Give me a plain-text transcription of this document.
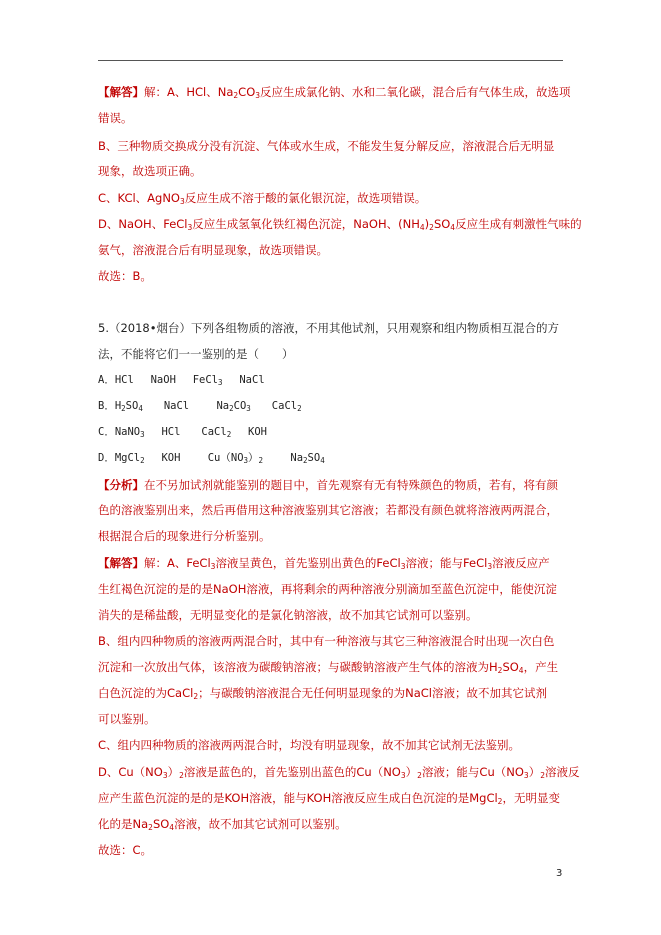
【解答】解：A、HCl、$Na_2CO_3$反应生成氯化钠、水和二氧化碳，混合后有气体生成，故选项
错误。
B、三种物质交换成分没有沉淀、气体或水生成，不能发生复分解反应，溶液混合后无明显
现象，故选项正确。
C、KCl、AgNO$_3$反应生成不溶于酸的氯化银沉淀，故选项错误。
D、NaOH、FeCl$_3$反应生成氢氧化铁红褐色沉淀，NaOH、$(NH_4)_2SO_4$反应生成有刺激性气味的
氨气，溶液混合后有明显现象，故选项错误。
故选：B。
5.（2018•烟台）下列各组物质的溶液，不用其他试剂，只用观察和组内物质相互混合的方
法，不能将它们一一鉴别的是（　　）
A．HCl　 NaOH　 FeCl$_3$　 NaCl
B．$H_2SO_4$　　NaCl　　 $Na_2CO_3$　　CaCl$_2$
C．NaNO$_3$　 HCl　　CaCl$_2$　 KOH
D．MgCl$_2$　 KOH　　 $Cu(NO_3)_2$　　 $Na_2SO_4$
【分析】在不另加试剂就能鉴别的题目中，首先观察有无有特殊颜色的物质，若有，将有颜
色的溶液鉴别出来，然后再借用这种溶液鉴别其它溶液；若都没有颜色就将溶液两两混合，
根据混合后的现象进行分析鉴别。
【解答】解：A、FeCl$_3$溶液呈黄色，首先鉴别出黄色的FeCl$_3$溶液；能与FeCl$_3$溶液反应产
生红褐色沉淀的是的是NaOH溶液，再将剩余的两种溶液分别滴加至蓝色沉淀中，能使沉淀
消失的是稀盐酸，无明显变化的是氯化钠溶液，故不加其它试剂可以鉴别。
B、组内四种物质的溶液两两混合时，其中有一种溶液与其它三种溶液混合时出现一次白色
沉淀和一次放出气体，该溶液为碳酸钠溶液；与碳酸钠溶液产生气体的溶液为$H_2SO_4$，产生
白色沉淀的为CaCl$_2$；与碳酸钠溶液混合无任何明显现象的为NaCl溶液；故不加其它试剂
可以鉴别。
C、组内四种物质的溶液两两混合时，均没有明显现象，故不加其它试剂无法鉴别。
D、$Cu(NO_3)_2$溶液是蓝色的，首先鉴别出蓝色的$Cu(NO_3)_2$溶液；能与$Cu(NO_3)_2$溶液反
应产生蓝色沉淀的是的是KOH溶液，能与KOH溶液反应生成白色沉淀的是MgCl$_2$，无明显变
化的是$Na_2SO_4$溶液，故不加其它试剂可以鉴别。
故选：C。
3
